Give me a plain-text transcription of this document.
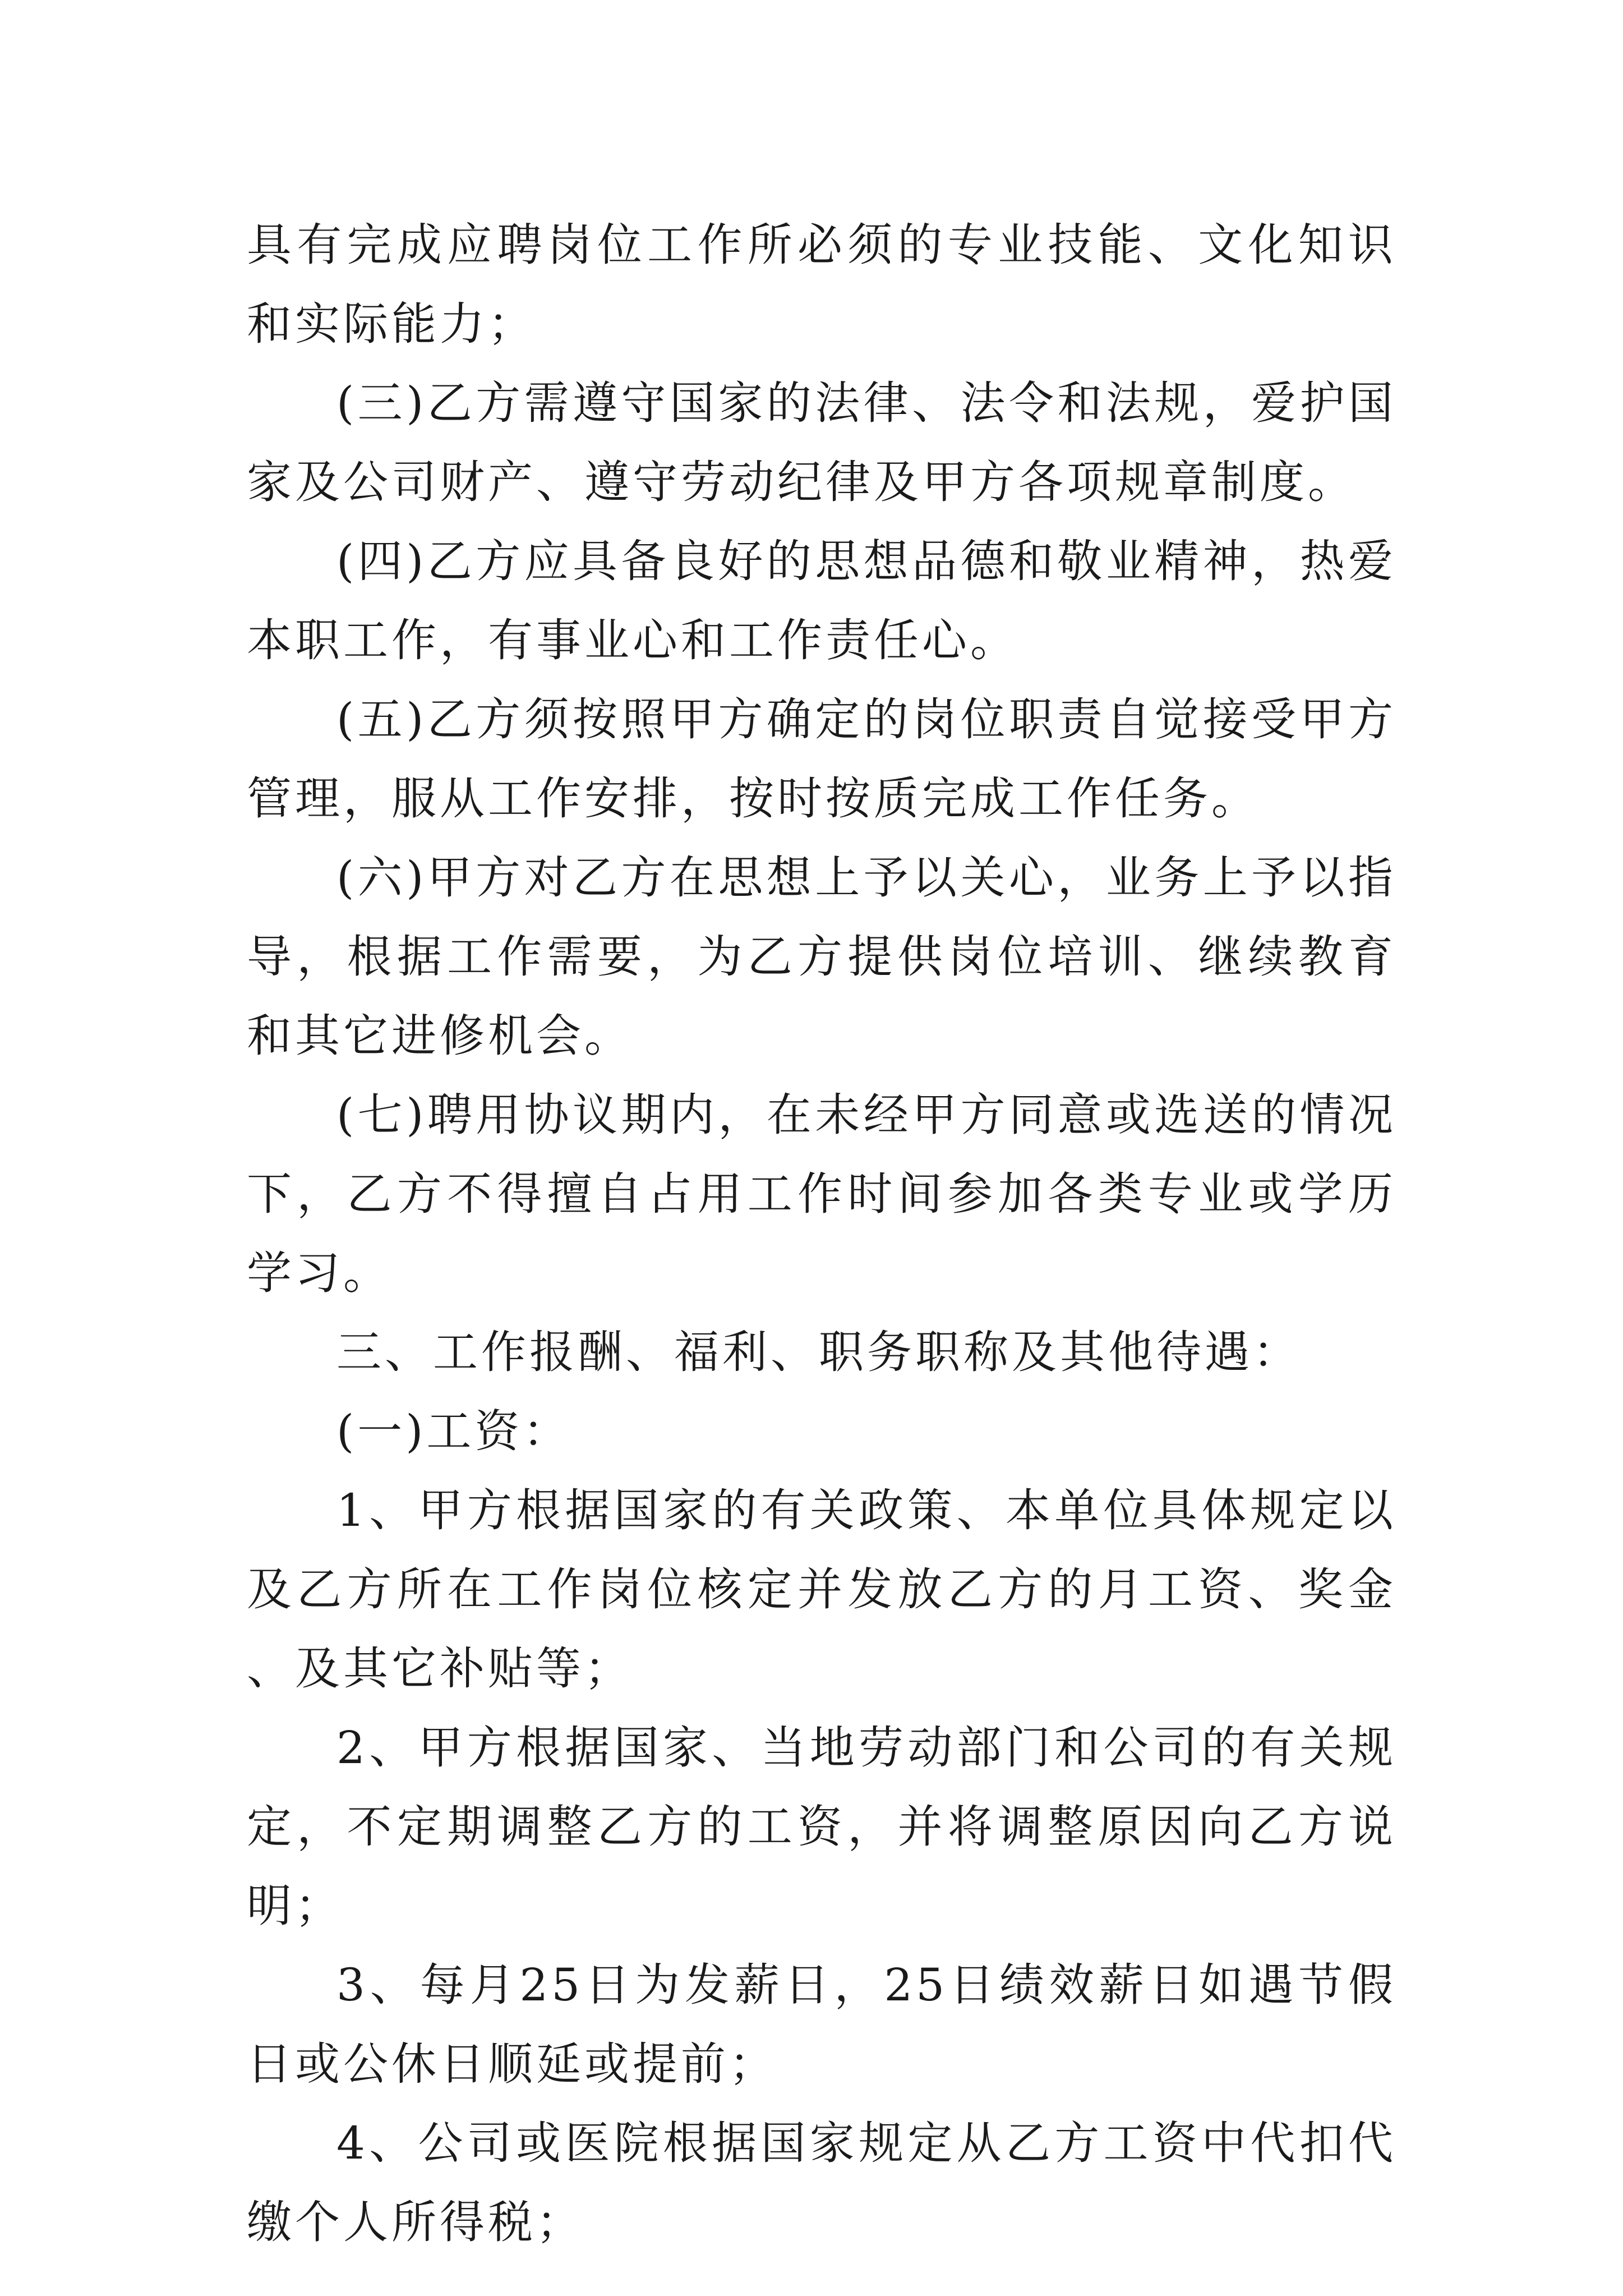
具有完成应聘岗位工作所必须的专业技能、文化知识和实际能力；

(三)乙方需遵守国家的法律、法令和法规，爱护国家及公司财产、遵守劳动纪律及甲方各项规章制度。

(四)乙方应具备良好的思想品德和敬业精神，热爱本职工作，有事业心和工作责任心。

(五)乙方须按照甲方确定的岗位职责自觉接受甲方管理，服从工作安排，按时按质完成工作任务。

(六)甲方对乙方在思想上予以关心，业务上予以指导，根据工作需要，为乙方提供岗位培训、继续教育和其它进修机会。

(七)聘用协议期内，在未经甲方同意或选送的情况下，乙方不得擅自占用工作时间参加各类专业或学历学习。

三、工作报酬、福利、职务职称及其他待遇：

(一)工资：

1、甲方根据国家的有关政策、本单位具体规定以及乙方所在工作岗位核定并发放乙方的月工资、奖金、及其它补贴等；

2、甲方根据国家、当地劳动部门和公司的有关规定，不定期调整乙方的工资，并将调整原因向乙方说明；

3、每月25日为发薪日，25日绩效薪日如遇节假日或公休日顺延或提前；

4、公司或医院根据国家规定从乙方工资中代扣代缴个人所得税；
